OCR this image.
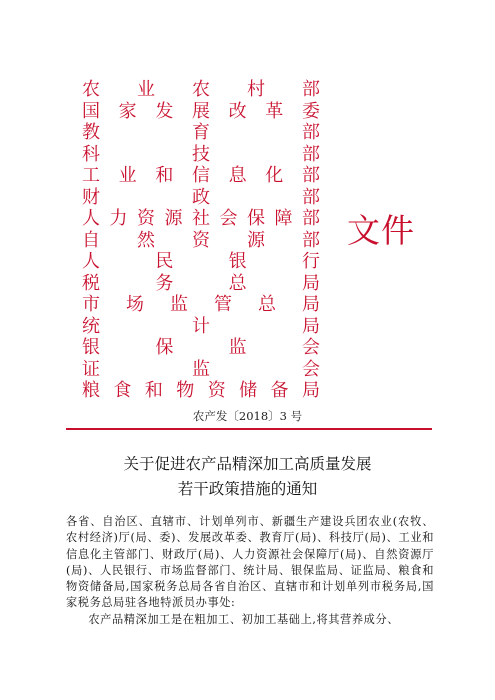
农 业 农 村 部
国 家 发 展 改 革 委
教	育	部
科	技	部
工 业 和 信 息 化 部
财	政	部
人 力 资 源 社 会 保 障 部
自 然 资 源 部
人	民	银	行
税	务	总	局
市 场 监 管 总 局
统	计	局
银	保	监	会
证	监	会
粮 食 和 物 资 储 备 局
文件
农产发〔2018〕3 号
关于促进农产品精深加工高质量发展
若干政策措施的通知

各省、自治区、直辖市、计划单列市、新疆生产建设兵团农业(农牧、农村经济)厅(局、委)、发展改革委、教育厅(局)、科技厅(局)、工业和信息化主管部门、财政厅(局)、人力资源社会保障厅(局)、自然资源厅(局)、人民银行、市场监督部门、统计局、银保监局、证监局、粮食和物资储备局,国家税务总局各省自治区、直辖市和计划单列市税务局,国家税务总局驻各地特派员办事处:

农产品精深加工是在粗加工、初加工基础上,将其营养成分、
